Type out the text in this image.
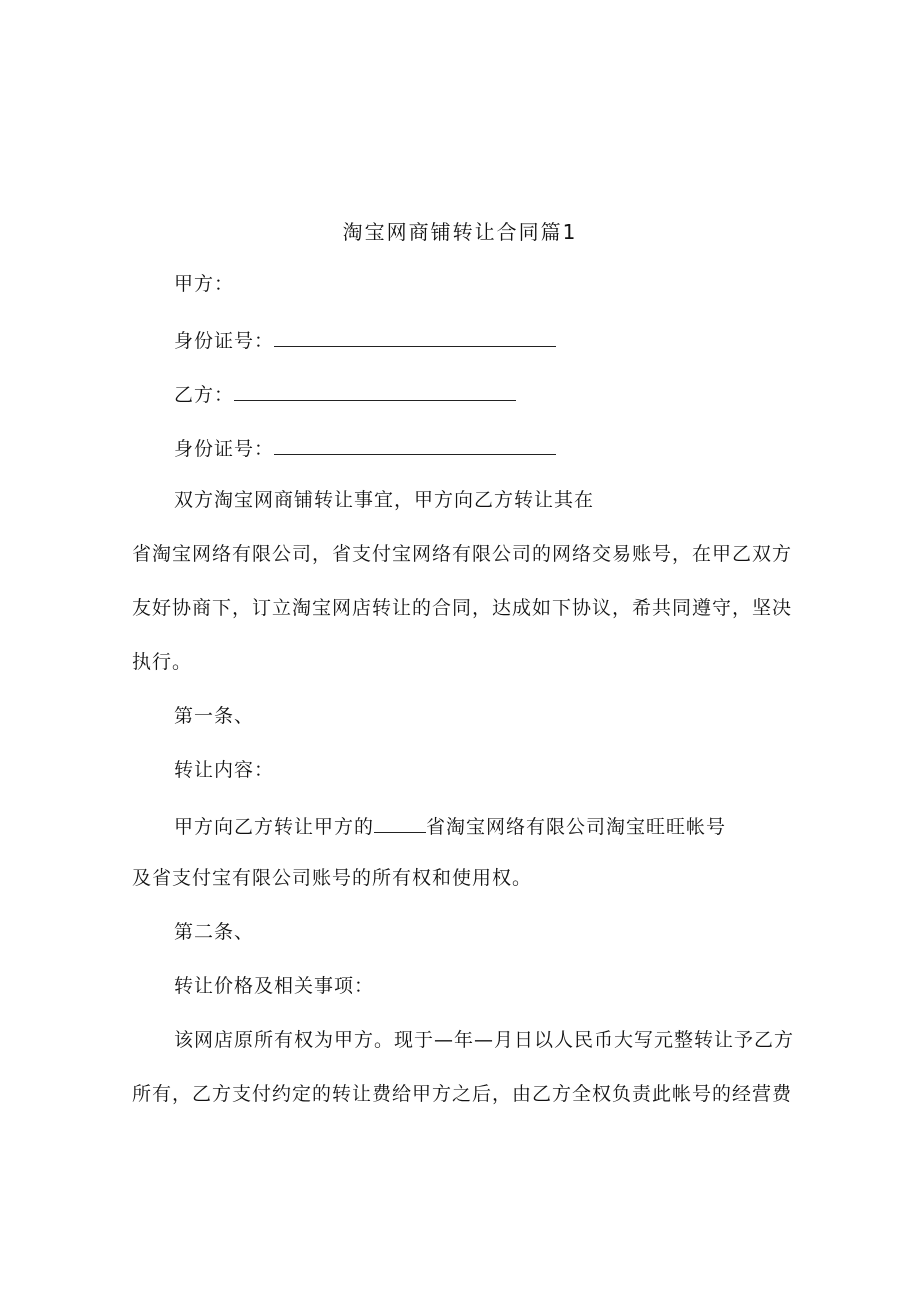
淘宝网商铺转让合同篇1
甲方：
身份证号：
乙方：
身份证号：
双方淘宝网商铺转让事宜，甲方向乙方转让其在
省淘宝网络有限公司，省支付宝网络有限公司的网络交易账号，在甲乙双方
友好协商下，订立淘宝网店转让的合同，达成如下协议，希共同遵守，坚决
执行。
第一条、
转让内容：
甲方向乙方转让甲方的	省淘宝网络有限公司淘宝旺旺帐号
及省支付宝有限公司账号的所有权和使用权。
第二条、
转让价格及相关事项：
该网店原所有权为甲方。现于—年—月日以人民币大写元整转让予乙方
所有，乙方支付约定的转让费给甲方之后，由乙方全权负责此帐号的经营费
